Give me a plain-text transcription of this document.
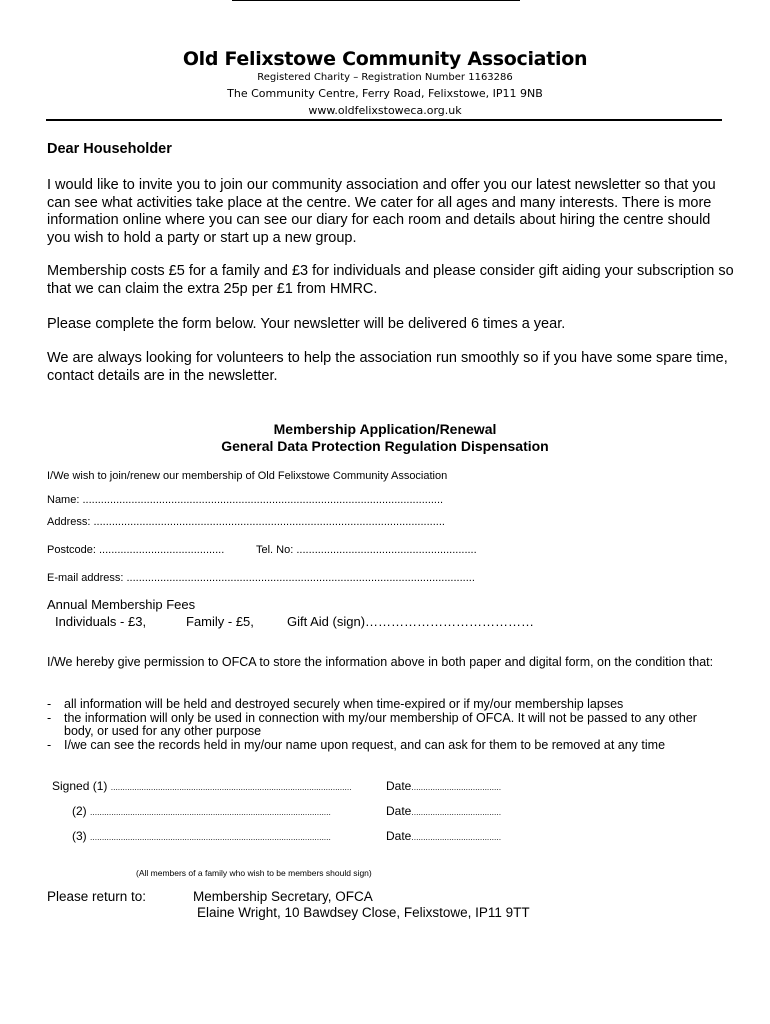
Old Felixstowe Community Association
Registered Charity – Registration Number 1163286
The Community Centre, Ferry Road, Felixstowe, IP11 9NB
www.oldfelixstoweca.org.uk
Dear Householder
I would like to invite you to join our community association and offer you our latest newsletter so that you can see what activities take place at the centre. We cater for all ages and many interests. There is more information online where you can see our diary for each room and details about hiring the centre should you wish to hold a party or start up a new group.
Membership costs £5 for a family and £3 for individuals and please consider gift aiding your subscription so that we can claim the extra 25p per £1 from HMRC.
Please complete the form below. Your newsletter will be delivered 6 times a year.
We are always looking for volunteers to help the association run smoothly so if you have some spare time, contact details are in the newsletter.
Membership Application/Renewal
General Data Protection Regulation Dispensation
I/We wish to join/renew our membership of Old Felixstowe Community Association
Name: ......................................................................................................................
Address: ...................................................................................................................
Postcode: .........................................	Tel. No: ...........................................................
E-mail address: ..................................................................................................................
Annual Membership Fees
Individuals - £3,	Family - £5,	Gift Aid (sign)…………………………………
I/We hereby give permission to OFCA to store the information above in both paper and digital form, on the condition that:
- all information will be held and destroyed securely when time-expired or if my/our membership lapses
- the information will only be used in connection with my/our membership of OFCA. It will not be passed to any other body, or used for any other purpose
- I/we can see the records held in my/our name upon request, and can ask for them to be removed at any time
Signed (1) ......................................................................................................	Date......................................
(2) ......................................................................................................	Date......................................
(3) ......................................................................................................	Date......................................
(All members of a family who wish to be members should sign)
Please return to:	Membership Secretary, OFCA
Elaine Wright, 10 Bawdsey Close, Felixstowe, IP11 9TT
